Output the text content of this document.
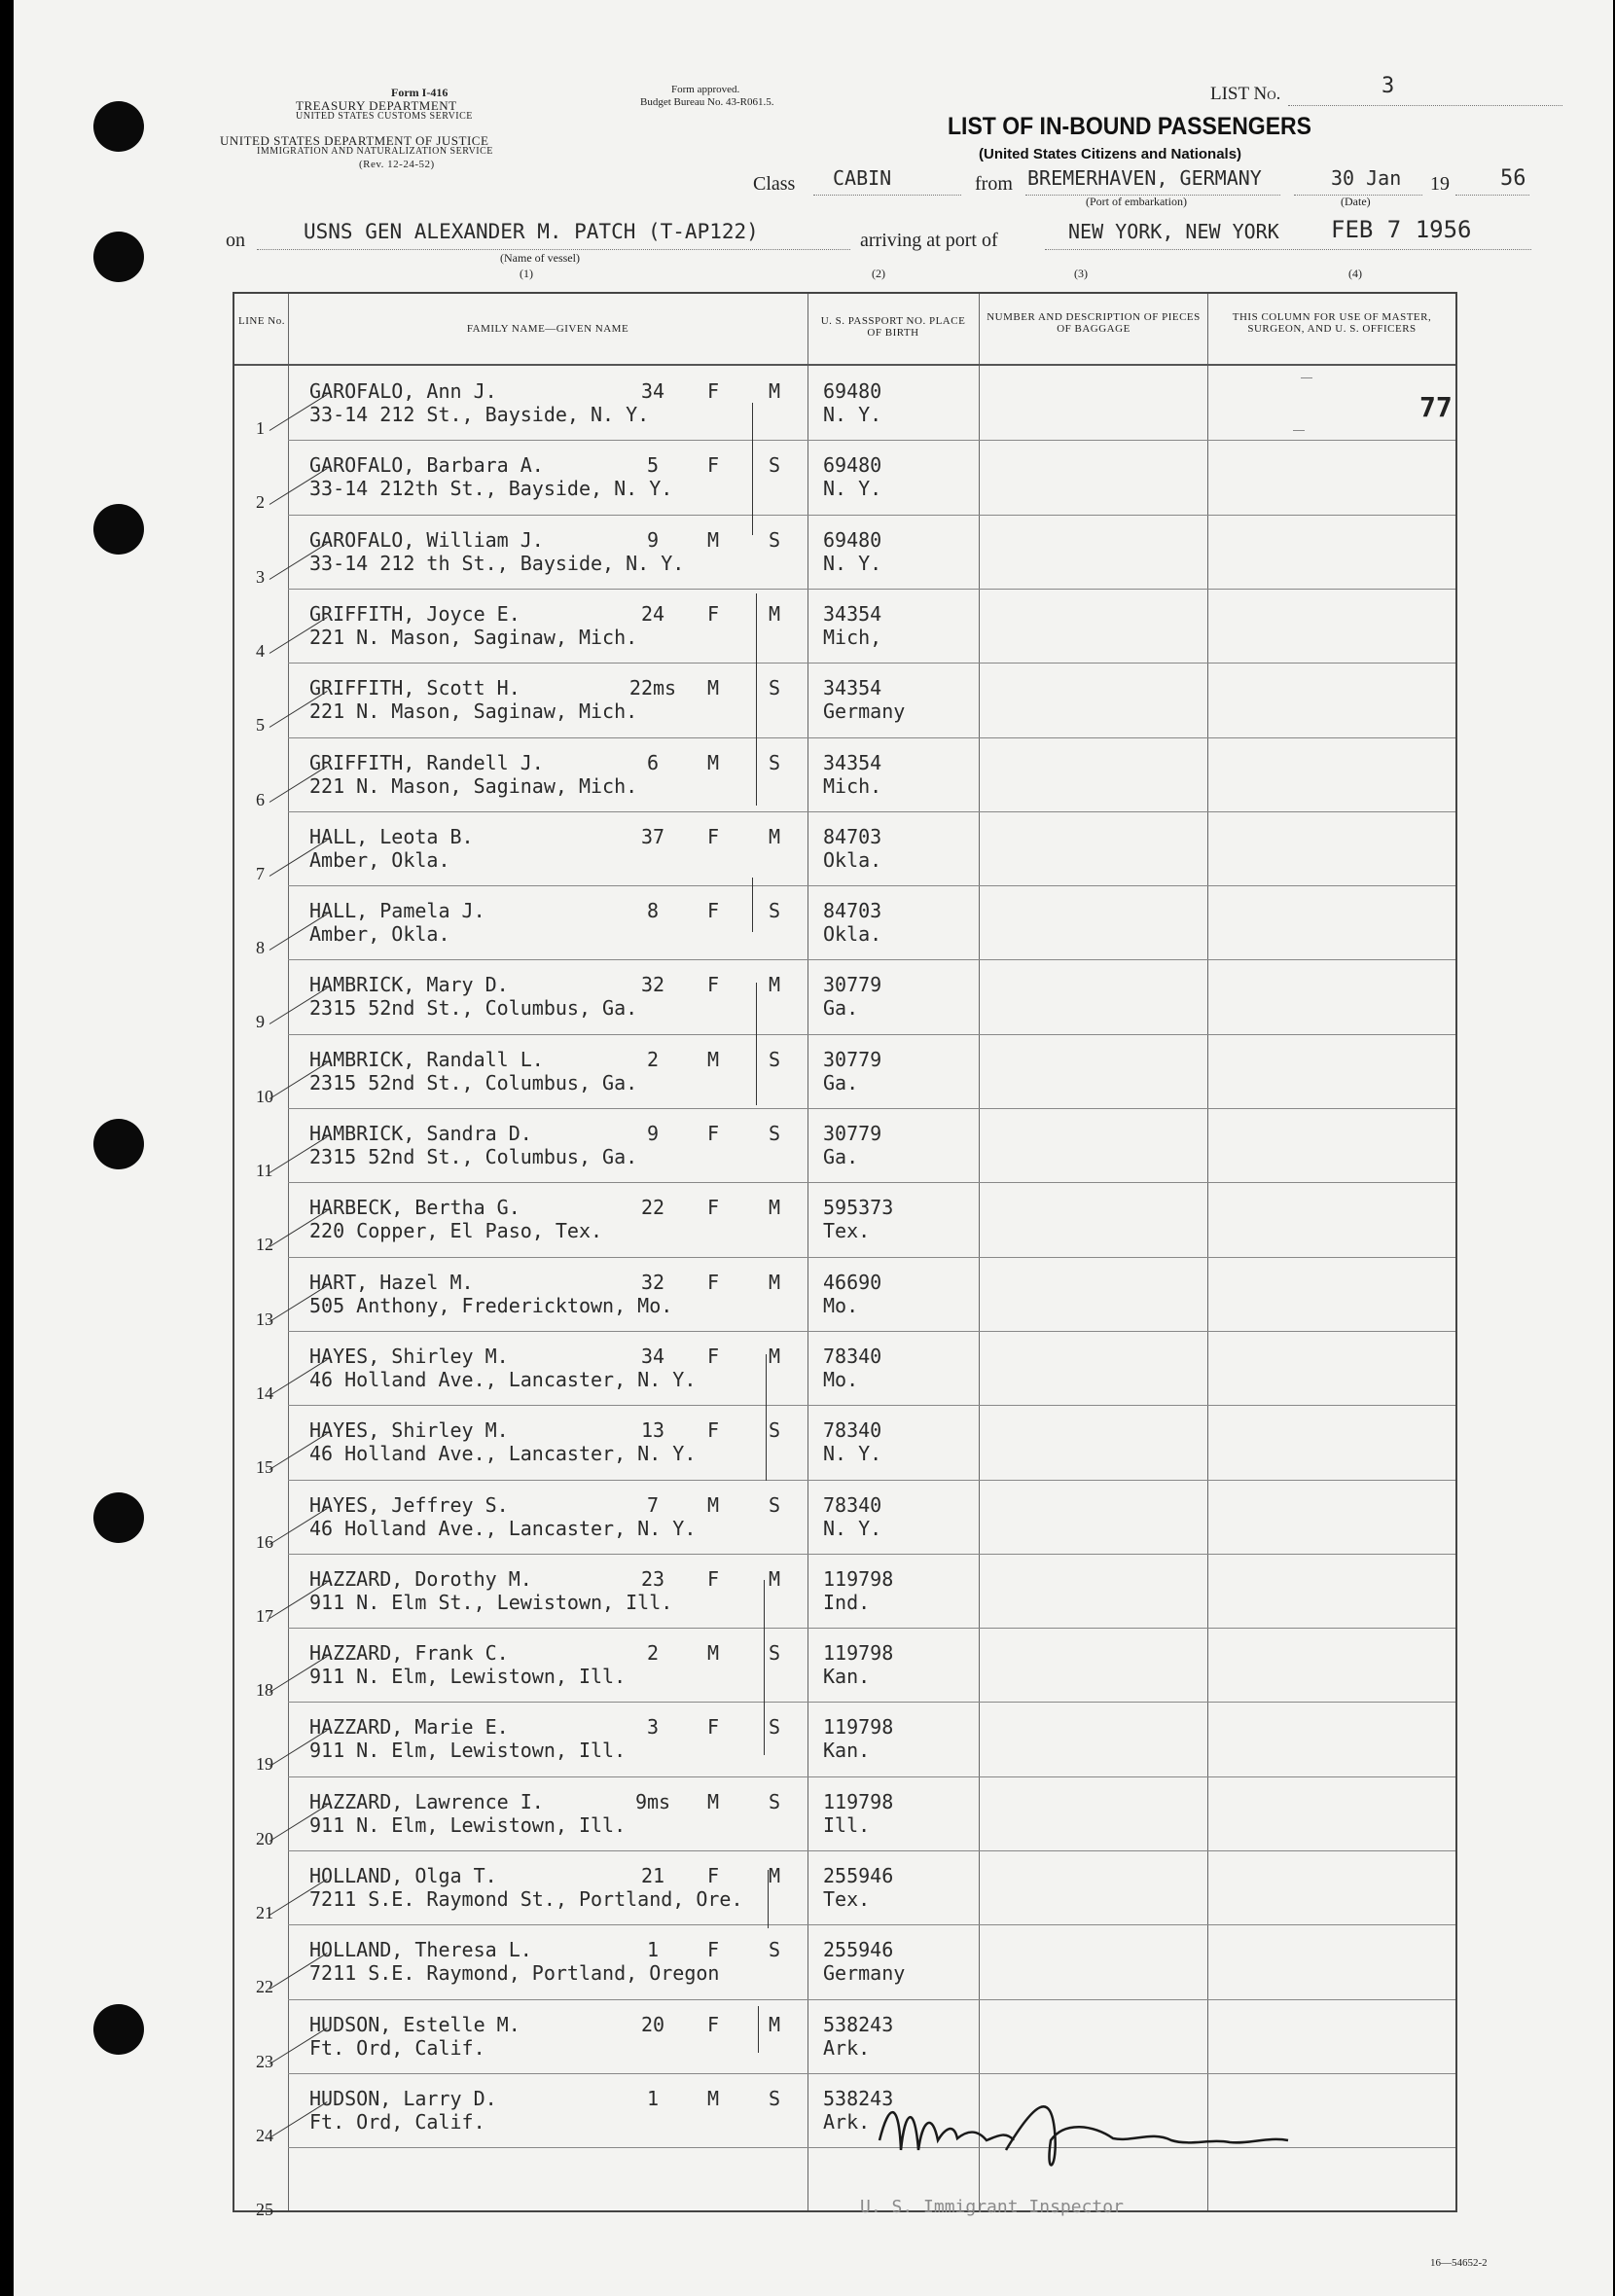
Form I-416
TREASURY DEPARTMENT
UNITED STATES CUSTOMS SERVICE
UNITED STATES DEPARTMENT OF JUSTICE
IMMIGRATION AND NATURALIZATION SERVICE
(Rev. 12-24-52)
Form approved.
Budget Bureau No. 43-R061.5.	LIST No.	3
LIST OF IN-BOUND PASSENGERS
(United States Citizens and Nationals)
Class CABIN	from BREMERHAVEN, GERMANY
(Port of embarkation)
30 Jan
(Date)
19 56
on	USNS GEN ALEXANDER M. PATCH (T-AP122)
(Name of vessel)
(1)
arriving at port of
(2)
NEW YORK, NEW YORK FEB 7 1956
(3)	(4)
LINE No.
FAMILY NAME—GIVEN NAME
U. S. PASSPORT NO. PLACE OF BIRTH
NUMBER AND DESCRIPTION OF PIECES OF BAGGAGE
THIS COLUMN FOR USE OF MASTER, SURGEON, AND U. S. OFFICERS
77
1
GAROFALO, Ann J.
33-14 212 St., Bayside, N. Y.
34	F	M 69480
N. Y.
2
GAROFALO, Barbara A.
33-14 212th St., Bayside, N. Y.
5	F	S 69480
N. Y.
3
GAROFALO, William J.
33-14 212 th St., Bayside, N. Y.
9	M	S 69480
N. Y.
4
GRIFFITH, Joyce E.
221 N. Mason, Saginaw, Mich.
24	F	M 34354
Mich,
5
GRIFFITH, Scott H.
221 N. Mason, Saginaw, Mich.
22ms M	S 34354
Germany
6
GRIFFITH, Randell J.
221 N. Mason, Saginaw, Mich.
6	M	S 34354
Mich.
7
HALL, Leota B.
Amber, Okla.
37	F	M 84703
Okla.
8
HALL, Pamela J.
Amber, Okla.
8	F	S 84703
Okla.
9
HAMBRICK, Mary D.
2315 52nd St., Columbus, Ga.
32	F	M 30779
Ga.
10
HAMBRICK, Randall L.
2315 52nd St., Columbus, Ga.
2	M	S 30779
Ga.
11
HAMBRICK, Sandra D.
2315 52nd St., Columbus, Ga.
9	F	S 30779
Ga.
12
HARBECK, Bertha G.
220 Copper, El Paso, Tex.
22	F	M 595373
Tex.
13
HART, Hazel M.
505 Anthony, Fredericktown, Mo.
32	F	M 46690
Mo.
14
HAYES, Shirley M.
46 Holland Ave., Lancaster, N. Y.
34	F	M 78340
Mo.
15
HAYES, Shirley M.
46 Holland Ave., Lancaster, N. Y.
13	F	S 78340
N. Y.
16
HAYES, Jeffrey S.
46 Holland Ave., Lancaster, N. Y.
7	M	S 78340
N. Y.
17
HAZZARD, Dorothy M.
911 N. Elm St., Lewistown, Ill.
23	F	M 119798
Ind.
18
HAZZARD, Frank C.
911 N. Elm, Lewistown, Ill.
2	M	S 119798
Kan.
19
HAZZARD, Marie E.
911 N. Elm, Lewistown, Ill.
3	F	S 119798
Kan.
20
HAZZARD, Lawrence I.
911 N. Elm, Lewistown, Ill.
9ms	M	S 119798
Ill.
21
HOLLAND, Olga T.
7211 S.E. Raymond St., Portland, Ore.
21	F	M 255946
Tex.
22
HOLLAND, Theresa L.
7211 S.E. Raymond, Portland, Oregon
1	F	S 255946
Germany
23
HUDSON, Estelle M.
Ft. Ord, Calif.
20	F	M 538243
Ark.
24
HUDSON, Larry D.
Ft. Ord, Calif.
1	M	S 538243
Ark.
25	U. S. Immigrant Inspector
16—54652-2
